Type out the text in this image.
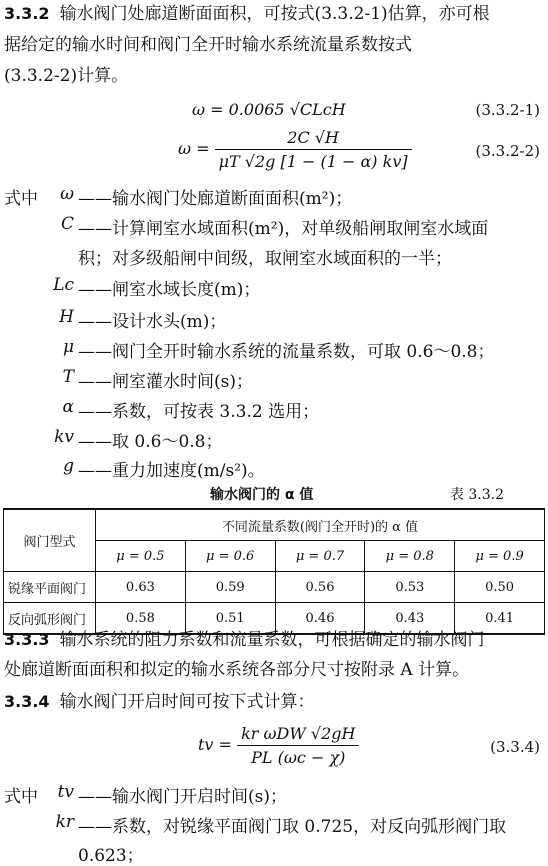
3.3.2 输水阀门处廊道断面面积，可按式(3.3.2-1)估算，亦可根
据给定的输水时间和阀门全开时输水系统流量系数按式
(3.3.2-2)计算。
ω = 0.0065 √CLcH	(3.3.2-1)
$\omega = \frac{2C √H}{\mu T √2g [1 - (1 - \alpha) kv]}$	(3.3.2-2)
式中	ω ——输水阀门处廊道断面面积(m²)；
C ——计算闸室水域面积(m²)，对单级船闸取闸室水域面
积；对多级船闸中间级，取闸室水域面积的一半；
Lc ——闸室水域长度(m)；
H ——设计水头(m)；
μ ——阀门全开时输水系统的流量系数，可取 0.6～0.8；
T ——闸室灌水时间(s)；
α ——系数，可按表 3.3.2 选用；
kv ——取 0.6～0.8；
g ——重力加速度(m/s²)。
输水阀门的 α 值	表 3.3.2
阀门型式	不同流量系数(阀门全开时)的 α 值				
	μ = 0.5	μ = 0.6	μ = 0.7	μ = 0.8	μ = 0.9
锐缘平面阀门	0.63	0.59	0.56	0.53	0.50
反向弧形阀门	0.58	0.51	0.46	0.43	0.41
3.3.3 输水系统的阻力系数和流量系数，可根据确定的输水阀门
处廊道断面面积和拟定的输水系统各部分尺寸按附录 A 计算。
3.3.4 输水阀门开启时间可按下式计算：
tv = $\frac{\text{kr ωDW √2gH}}{PL (\omega c - \chi)}$	(3.3.4)
式中	tv ——输水阀门开启时间(s)；
kr ——系数，对锐缘平面阀门取 0.725，对反向弧形阀门取
0.623；
